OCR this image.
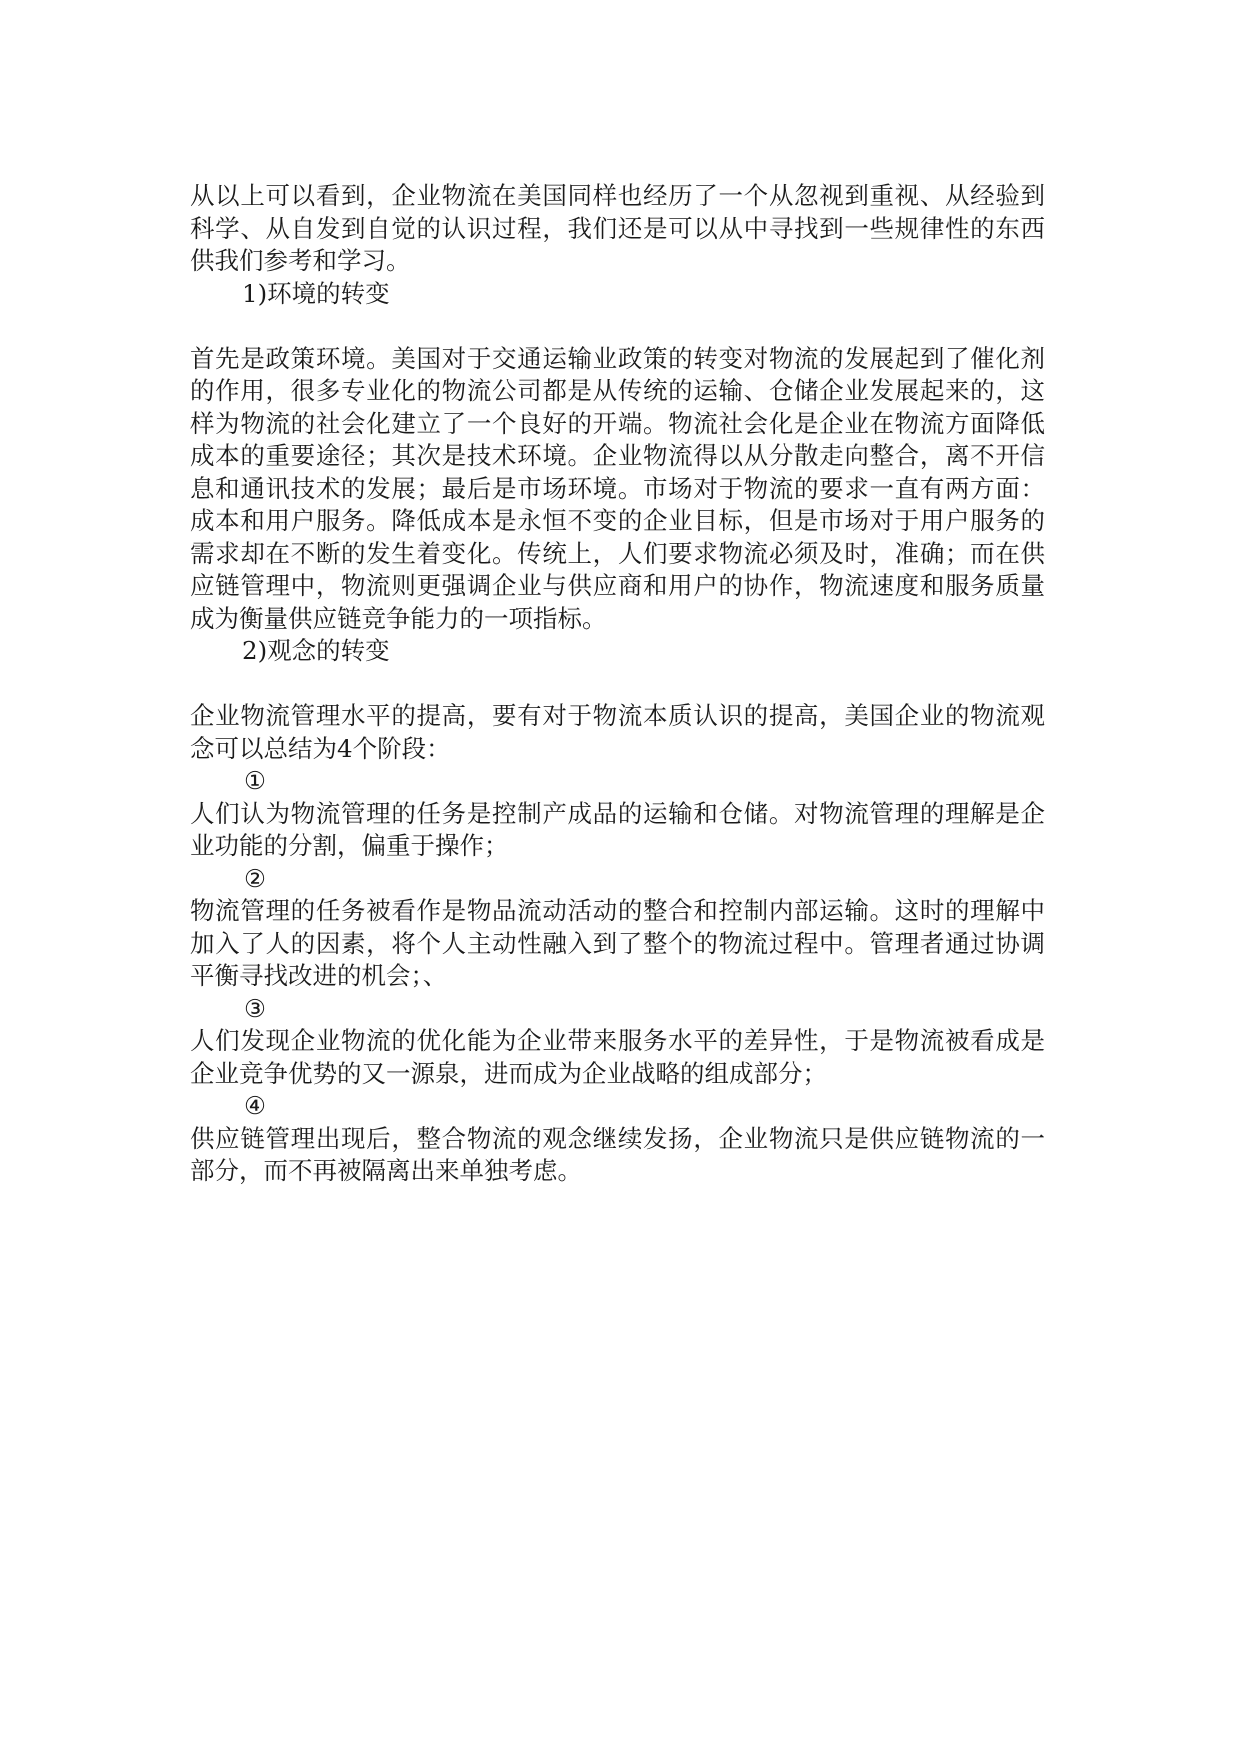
从以上可以看到，企业物流在美国同样也经历了一个从忽视到重视、从经验到科学、从自发到自觉的认识过程，我们还是可以从中寻找到一些规律性的东西供我们参考和学习。

1)环境的转变

首先是政策环境。美国对于交通运输业政策的转变对物流的发展起到了催化剂的作用，很多专业化的物流公司都是从传统的运输、仓储企业发展起来的，这样为物流的社会化建立了一个良好的开端。物流社会化是企业在物流方面降低成本的重要途径；其次是技术环境。企业物流得以从分散走向整合，离不开信息和通讯技术的发展；最后是市场环境。市场对于物流的要求一直有两方面：成本和用户服务。降低成本是永恒不变的企业目标，但是市场对于用户服务的需求却在不断的发生着变化。传统上，人们要求物流必须及时，准确；而在供应链管理中，物流则更强调企业与供应商和用户的协作，物流速度和服务质量成为衡量供应链竞争能力的一项指标。

2)观念的转变

企业物流管理水平的提高，要有对于物流本质认识的提高，美国企业的物流观念可以总结为4个阶段：

①

人们认为物流管理的任务是控制产成品的运输和仓储。对物流管理的理解是企业功能的分割，偏重于操作；

②

物流管理的任务被看作是物品流动活动的整合和控制内部运输。这时的理解中加入了人的因素，将个人主动性融入到了整个的物流过程中。管理者通过协调平衡寻找改进的机会；、

③

人们发现企业物流的优化能为企业带来服务水平的差异性，于是物流被看成是企业竞争优势的又一源泉，进而成为企业战略的组成部分；

④

供应链管理出现后，整合物流的观念继续发扬，企业物流只是供应链物流的一部分，而不再被隔离出来单独考虑。
